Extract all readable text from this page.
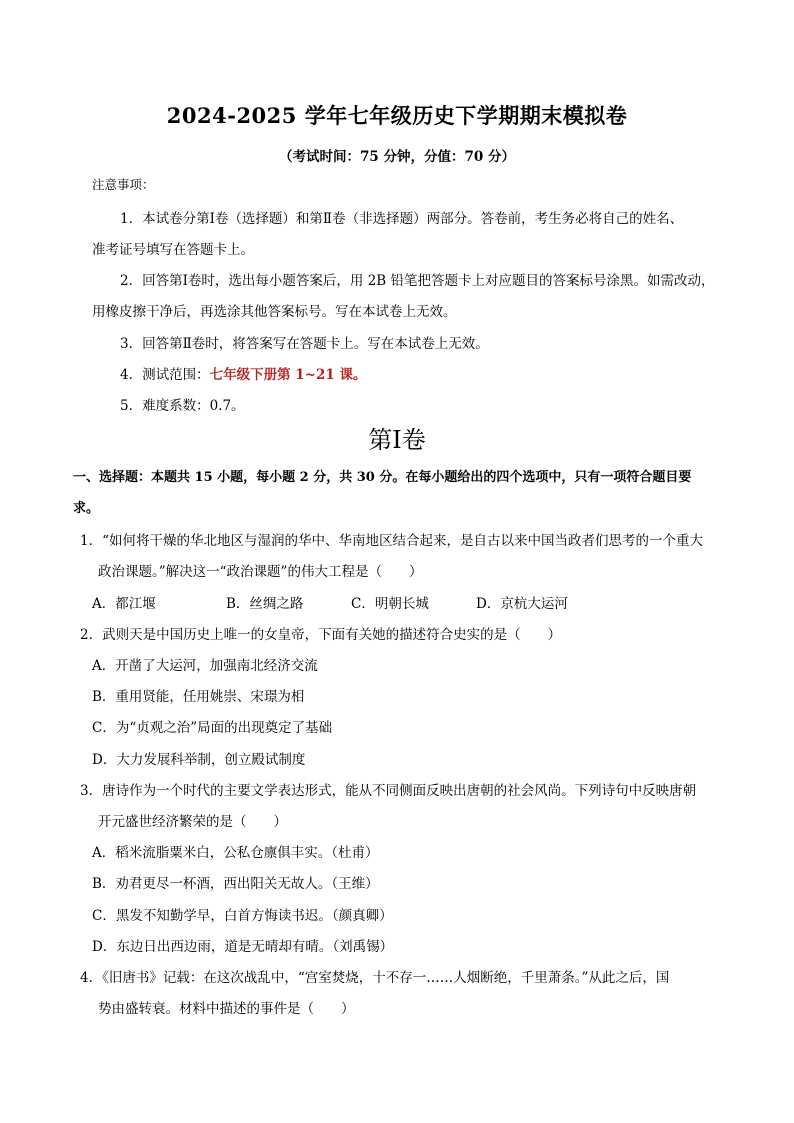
2024-2025 学年七年级历史下学期期末模拟卷
（考试时间：75 分钟，分值：70 分）
注意事项：
1．本试卷分第Ⅰ卷（选择题）和第Ⅱ卷（非选择题）两部分。答卷前，考生务必将自己的姓名、
准考证号填写在答题卡上。
2．回答第Ⅰ卷时，选出每小题答案后，用 2B 铅笔把答题卡上对应题目的答案标号涂黑。如需改动，
用橡皮擦干净后，再选涂其他答案标号。写在本试卷上无效。
3．回答第Ⅱ卷时，将答案写在答题卡上。写在本试卷上无效。
4．测试范围：七年级下册第 1~21 课。
5．难度系数：0.7。
第Ⅰ卷
一、选择题：本题共 15 小题，每小题 2 分，共 30 分。在每小题给出的四个选项中，只有一项符合题目要
求。
1．“如何将干燥的华北地区与湿润的华中、华南地区结合起来，是自古以来中国当政者们思考的一个重大
政治课题。”解决这一“政治课题”的伟大工程是（　　）
A．都江堰	B．丝绸之路	C．明朝长城	D．京杭大运河
2．武则天是中国历史上唯一的女皇帝，下面有关她的描述符合史实的是（　　）
A．开凿了大运河，加强南北经济交流
B．重用贤能，任用姚崇、宋璟为相
C．为“贞观之治”局面的出现奠定了基础
D．大力发展科举制，创立殿试制度
3．唐诗作为一个时代的主要文学表达形式，能从不同侧面反映出唐朝的社会风尚。下列诗句中反映唐朝
开元盛世经济繁荣的是（　　）
A．稻米流脂粟米白，公私仓廪俱丰实。（杜甫）
B．劝君更尽一杯酒，西出阳关无故人。（王维）
C．黑发不知勤学早，白首方悔读书迟。（颜真卿）
D．东边日出西边雨，道是无晴却有晴。（刘禹锡）
4．《旧唐书》记载：在这次战乱中，“宫室焚烧，十不存一……人烟断绝，千里萧条。”从此之后，国
势由盛转衰。材料中描述的事件是（　　）
